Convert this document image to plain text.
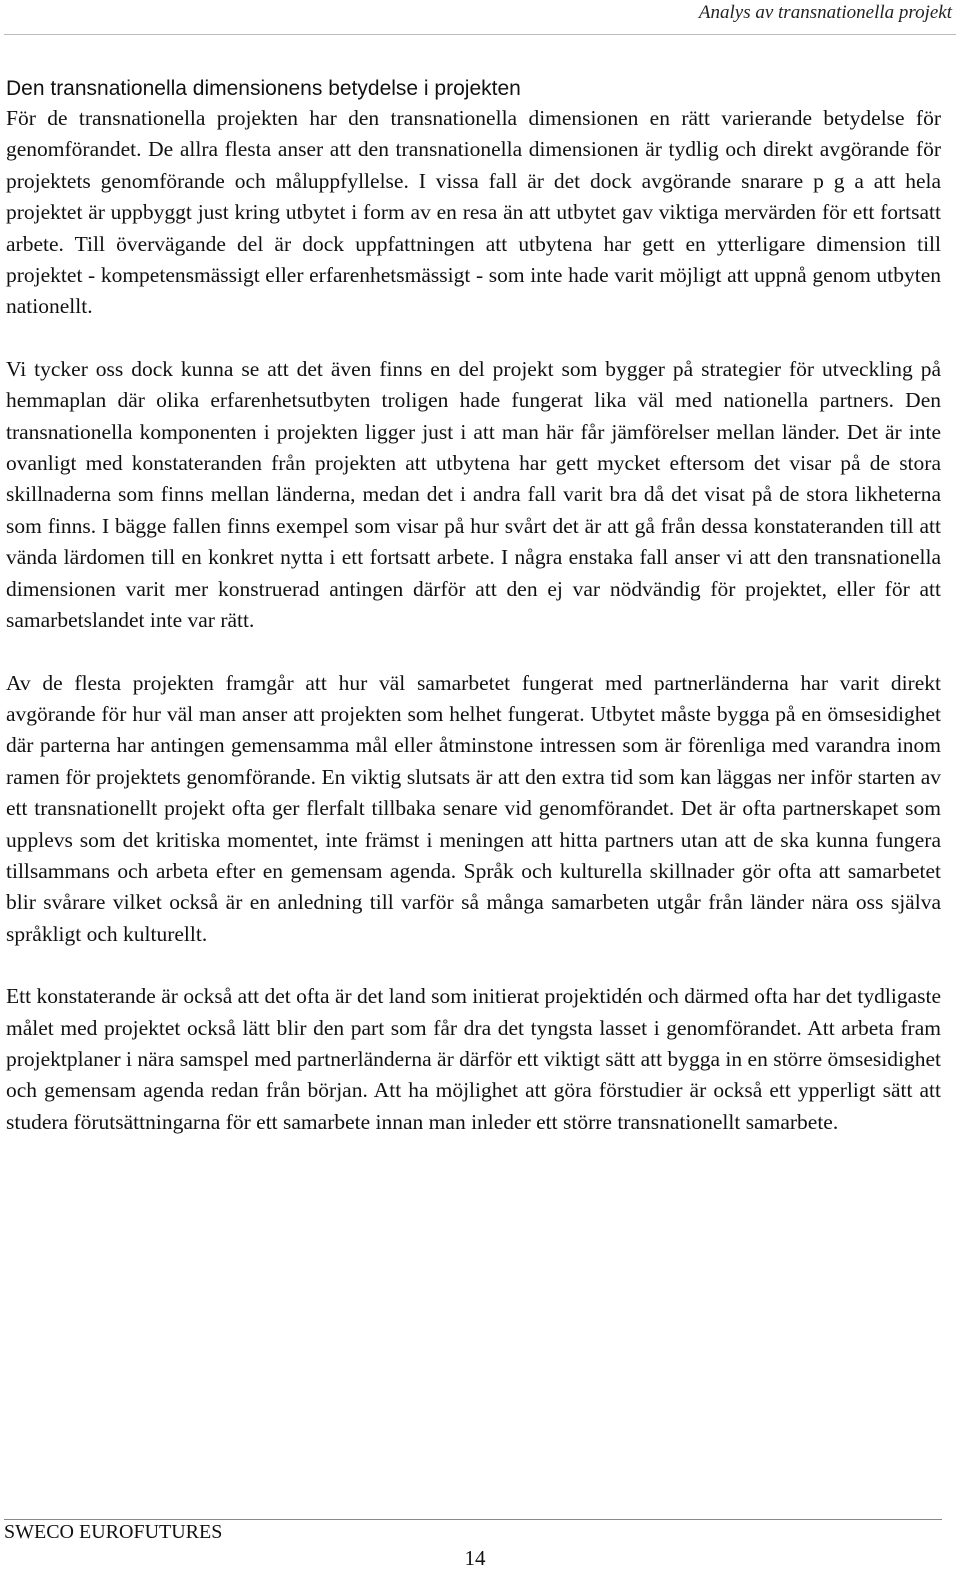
Analys av transnationella projekt
Den transnationella dimensionens betydelse i projekten

För de transnationella projekten har den transnationella dimensionen en rätt varierande betydelse för genomförandet. De allra flesta anser att den transnationella dimensionen är tydlig och direkt avgörande för projektets genomförande och måluppfyllelse. I vissa fall är det dock avgörande snarare p g a att hela projektet är uppbyggt just kring utbytet i form av en resa än att utbytet gav viktiga mervärden för ett fortsatt arbete. Till övervägande del är dock uppfattningen att utbytena har gett en ytterligare dimension till projektet - kompetensmässigt eller erfarenhetsmässigt - som inte hade varit möjligt att uppnå genom utbyten nationellt.

Vi tycker oss dock kunna se att det även finns en del projekt som bygger på strategier för utveckling på hemmaplan där olika erfarenhetsutbyten troligen hade fungerat lika väl med nationella partners. Den transnationella komponenten i projekten ligger just i att man här får jämförelser mellan länder. Det är inte ovanligt med konstateranden från projekten att utbytena har gett mycket eftersom det visar på de stora skillnaderna som finns mellan länderna, medan det i andra fall varit bra då det visat på de stora likheterna som finns. I bägge fallen finns exempel som visar på hur svårt det är att gå från dessa konstateranden till att vända lärdomen till en konkret nytta i ett fortsatt arbete. I några enstaka fall anser vi att den transnationella dimensionen varit mer konstruerad antingen därför att den ej var nödvändig för projektet, eller för att samarbetslandet inte var rätt.

Av de flesta projekten framgår att hur väl samarbetet fungerat med partnerländerna har varit direkt avgörande för hur väl man anser att projekten som helhet fungerat. Utbytet måste bygga på en ömsesidighet där parterna har antingen gemensamma mål eller åtminstone intressen som är förenliga med varandra inom ramen för projektets genomförande. En viktig slutsats är att den extra tid som kan läggas ner inför starten av ett transnationellt projekt ofta ger flerfalt tillbaka senare vid genomförandet. Det är ofta partnerskapet som upplevs som det kritiska momentet, inte främst i meningen att hitta partners utan att de ska kunna fungera tillsammans och arbeta efter en gemensam agenda. Språk och kulturella skillnader gör ofta att samarbetet blir svårare vilket också är en anledning till varför så många samarbeten utgår från länder nära oss själva språkligt och kulturellt.

Ett konstaterande är också att det ofta är det land som initierat projektidén och därmed ofta har det tydligaste målet med projektet också lätt blir den part som får dra det tyngsta lasset i genomförandet. Att arbeta fram projektplaner i nära samspel med partnerländerna är därför ett viktigt sätt att bygga in en större ömsesidighet och gemensam agenda redan från början. Att ha möjlighet att göra förstudier är också ett ypperligt sätt att studera förutsättningarna för ett samarbete innan man inleder ett större transnationellt samarbete.

SWECO EUROFUTURES
14
